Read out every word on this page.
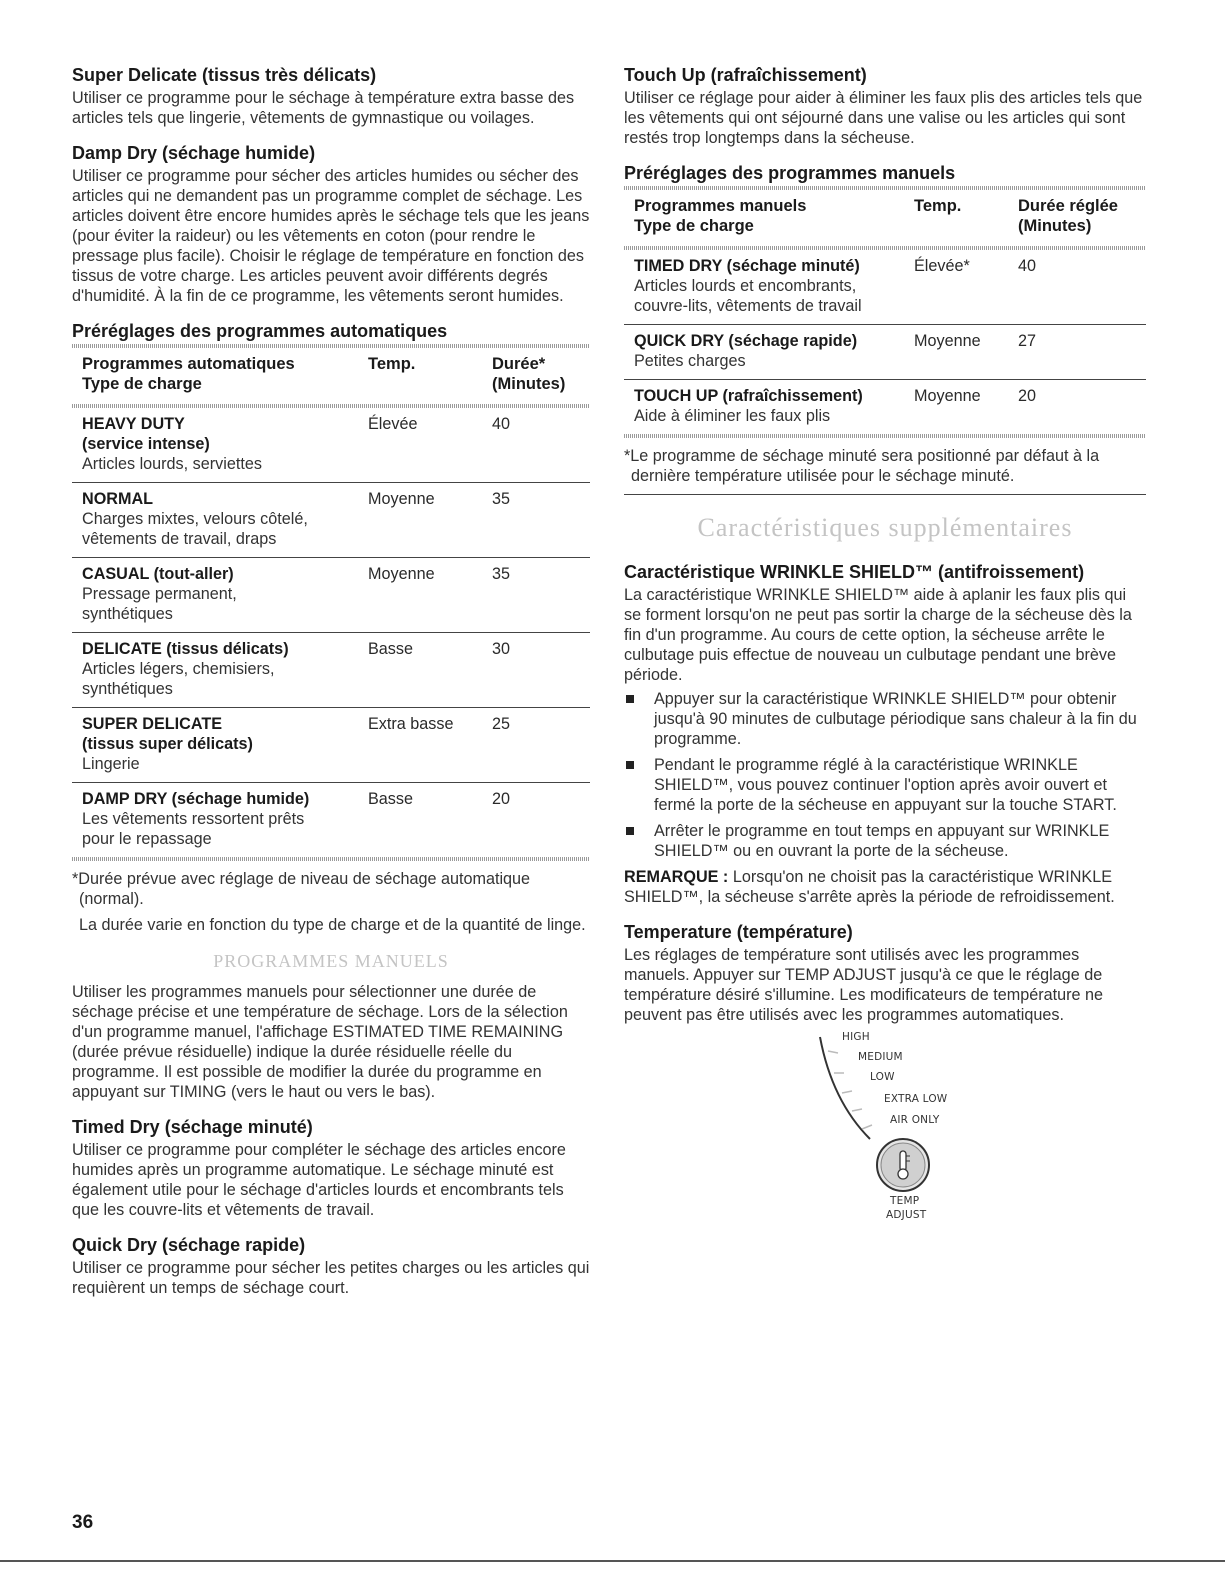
Super Delicate (tissus très délicats)

Utiliser ce programme pour le séchage à température extra basse des articles tels que lingerie, vêtements de gymnastique ou voilages.

Damp Dry (séchage humide)

Utiliser ce programme pour sécher des articles humides ou sécher des articles qui ne demandent pas un programme complet de séchage. Les articles doivent être encore humides après le séchage tels que les jeans (pour éviter la raideur) ou les vêtements en coton (pour rendre le pressage plus facile). Choisir le réglage de température en fonction des tissus de votre charge. Les articles peuvent avoir différents degrés d'humidité. À la fin de ce programme, les vêtements seront humides.

Préréglages des programmes automatiques
Programmes automatiques
Type de charge
Temp.	Durée*
(Minutes)
HEAVY DUTY
(service intense)
Articles lourds, serviettes
Élevée	40
NORMAL
Charges mixtes, velours côtelé,
vêtements de travail, draps
Moyenne	35
CASUAL (tout-aller)
Pressage permanent,
synthétiques
Moyenne	35
DELICATE (tissus délicats)
Articles légers, chemisiers,
synthétiques
Basse	30
SUPER DELICATE
(tissus super délicats)
Lingerie
Extra basse	25
DAMP DRY (séchage humide)
Les vêtements ressortent prêts
pour le repassage
Basse	20
*Durée prévue avec réglage de niveau de séchage automatique (normal).
La durée varie en fonction du type de charge et de la quantité de linge.
PROGRAMMES MANUELS

Utiliser les programmes manuels pour sélectionner une durée de séchage précise et une température de séchage. Lors de la sélection d'un programme manuel, l'affichage ESTIMATED TIME REMAINING (durée prévue résiduelle) indique la durée résiduelle réelle du programme. Il est possible de modifier la durée du programme en appuyant sur TIMING (vers le haut ou vers le bas).

Timed Dry (séchage minuté)

Utiliser ce programme pour compléter le séchage des articles encore humides après un programme automatique. Le séchage minuté est également utile pour le séchage d'articles lourds et encombrants tels que les couvre-lits et vêtements de travail.

Quick Dry (séchage rapide)

Utiliser ce programme pour sécher les petites charges ou les articles qui requièrent un temps de séchage court.

Touch Up (rafraîchissement)

Utiliser ce réglage pour aider à éliminer les faux plis des articles tels que les vêtements qui ont séjourné dans une valise ou les articles qui sont restés trop longtemps dans la sécheuse.

Préréglages des programmes manuels
Programmes manuels
Type de charge
Temp.	Durée réglée
(Minutes)
TIMED DRY (séchage minuté)
Articles lourds et encombrants,
couvre-lits, vêtements de travail
Élevée*	40
QUICK DRY (séchage rapide)
Petites charges
Moyenne	27
TOUCH UP (rafraîchissement)
Aide à éliminer les faux plis
Moyenne	20
*Le programme de séchage minuté sera positionné par défaut à la dernière température utilisée pour le séchage minuté.
Caractéristiques supplémentaires
Caractéristique WRINKLE SHIELD™ (antifroissement)

La caractéristique WRINKLE SHIELD™ aide à aplanir les faux plis qui se forment lorsqu'on ne peut pas sortir la charge de la sécheuse dès la fin d'un programme. Au cours de cette option, la sécheuse arrête le culbutage puis effectue de nouveau un culbutage pendant une brève période.

Appuyer sur la caractéristique WRINKLE SHIELD™ pour obtenir jusqu'à 90 minutes de culbutage périodique sans chaleur à la fin du programme.
Pendant le programme réglé à la caractéristique WRINKLE SHIELD™, vous pouvez continuer l'option après avoir ouvert et fermé la porte de la sécheuse en appuyant sur la touche START.
Arrêter le programme en tout temps en appuyant sur WRINKLE SHIELD™ ou en ouvrant la porte de la sécheuse.

REMARQUE : Lorsqu'on ne choisit pas la caractéristique WRINKLE SHIELD™, la sécheuse s'arrête après la période de refroidissement.

Temperature (température)

Les réglages de température sont utilisés avec les programmes manuels. Appuyer sur TEMP ADJUST jusqu'à ce que le réglage de température désiré s'illumine. Les modificateurs de température ne peuvent pas être utilisés avec les programmes automatiques.

HIGH
MEDIUM
LOW
EXTRA LOW
AIR ONLY
TEMP
ADJUST
36
